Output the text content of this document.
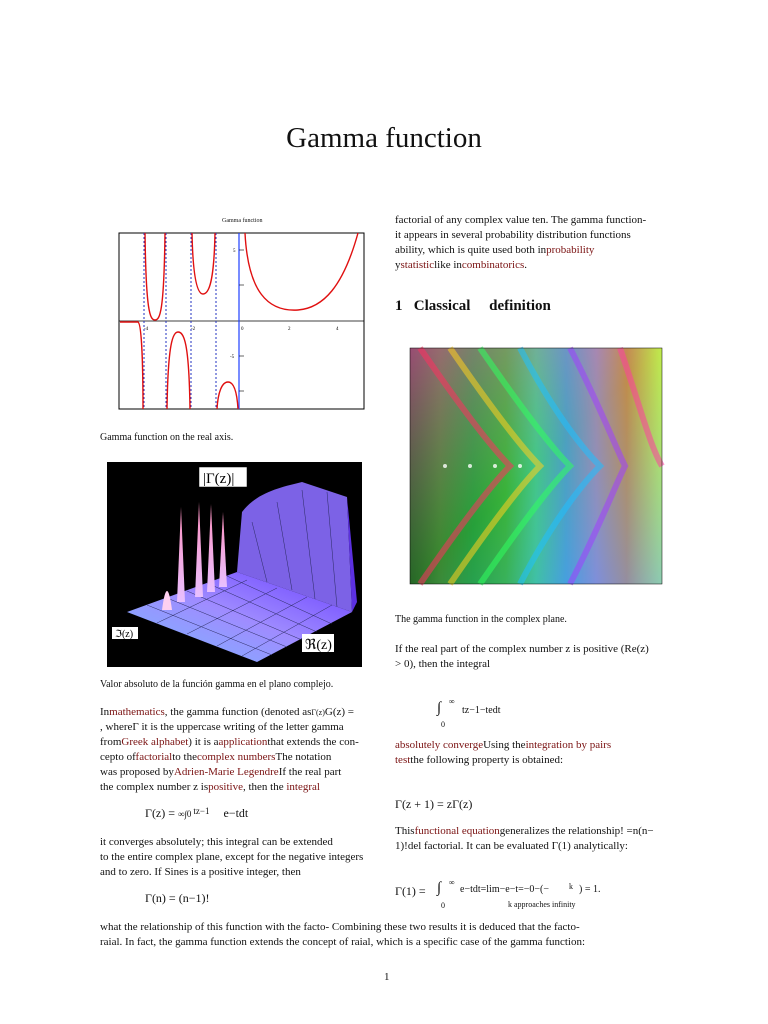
Gamma function
Gamma function
-4	-2	0	2	4
5
-5
Gamma function on the real axis.
|Γ(z)|
ℑ(z)
ℜ(z)
Valor absoluto de la función gamma en el plano complejo.
Inmathematics, the gamma function (denoted asΓ(z)G(z) =
, whereΓ it is the uppercase writing of the letter gamma
fromGreek alphabet) it is aapplicationthat extends the con-
cepto offactorialto thecomplex numbersThe notation
was proposed byAdrien-Marie LegendreIf the real part
the complex number z ispositive, then the integral
Γ(z) = ∞∫0 $^{tz-1}$ e−tdt
it converges absolutely; this integral can be extended
to the entire complex plane, except for the negative integers
and to zero. If Sines is a positive integer, then
Γ(n) = (n−1)!
what the relationship of this function with the facto- Combining these two results it is deduced that the facto-
raial. In fact, the gamma function extends the concept of raial, which is a specific case of the gamma function:
factorial of any complex value ten. The gamma function-
it appears in several probability distribution functions
ability, which is quite used both inprobability
ystatisticlike incombinatorics.
1 Classical definition
The gamma function in the complex plane.
If the real part of the complex number z is positive (Re(z)
> 0), then the integral
∫ ∞
0
tz−1−tedt
absolutely convergeUsing theintegration by pairs
testthe following property is obtained:
Γ(z + 1) = zΓ(z)
Thisfunctional equationgeneralizes the relationship! =n(n−
1)!del factorial. It can be evaluated Γ(1) analytically:
Γ(1) = ∫ ∞
0
e−tdt=lim−e−t=−0−(−	k ) = 1.
k approaches infinity
1
